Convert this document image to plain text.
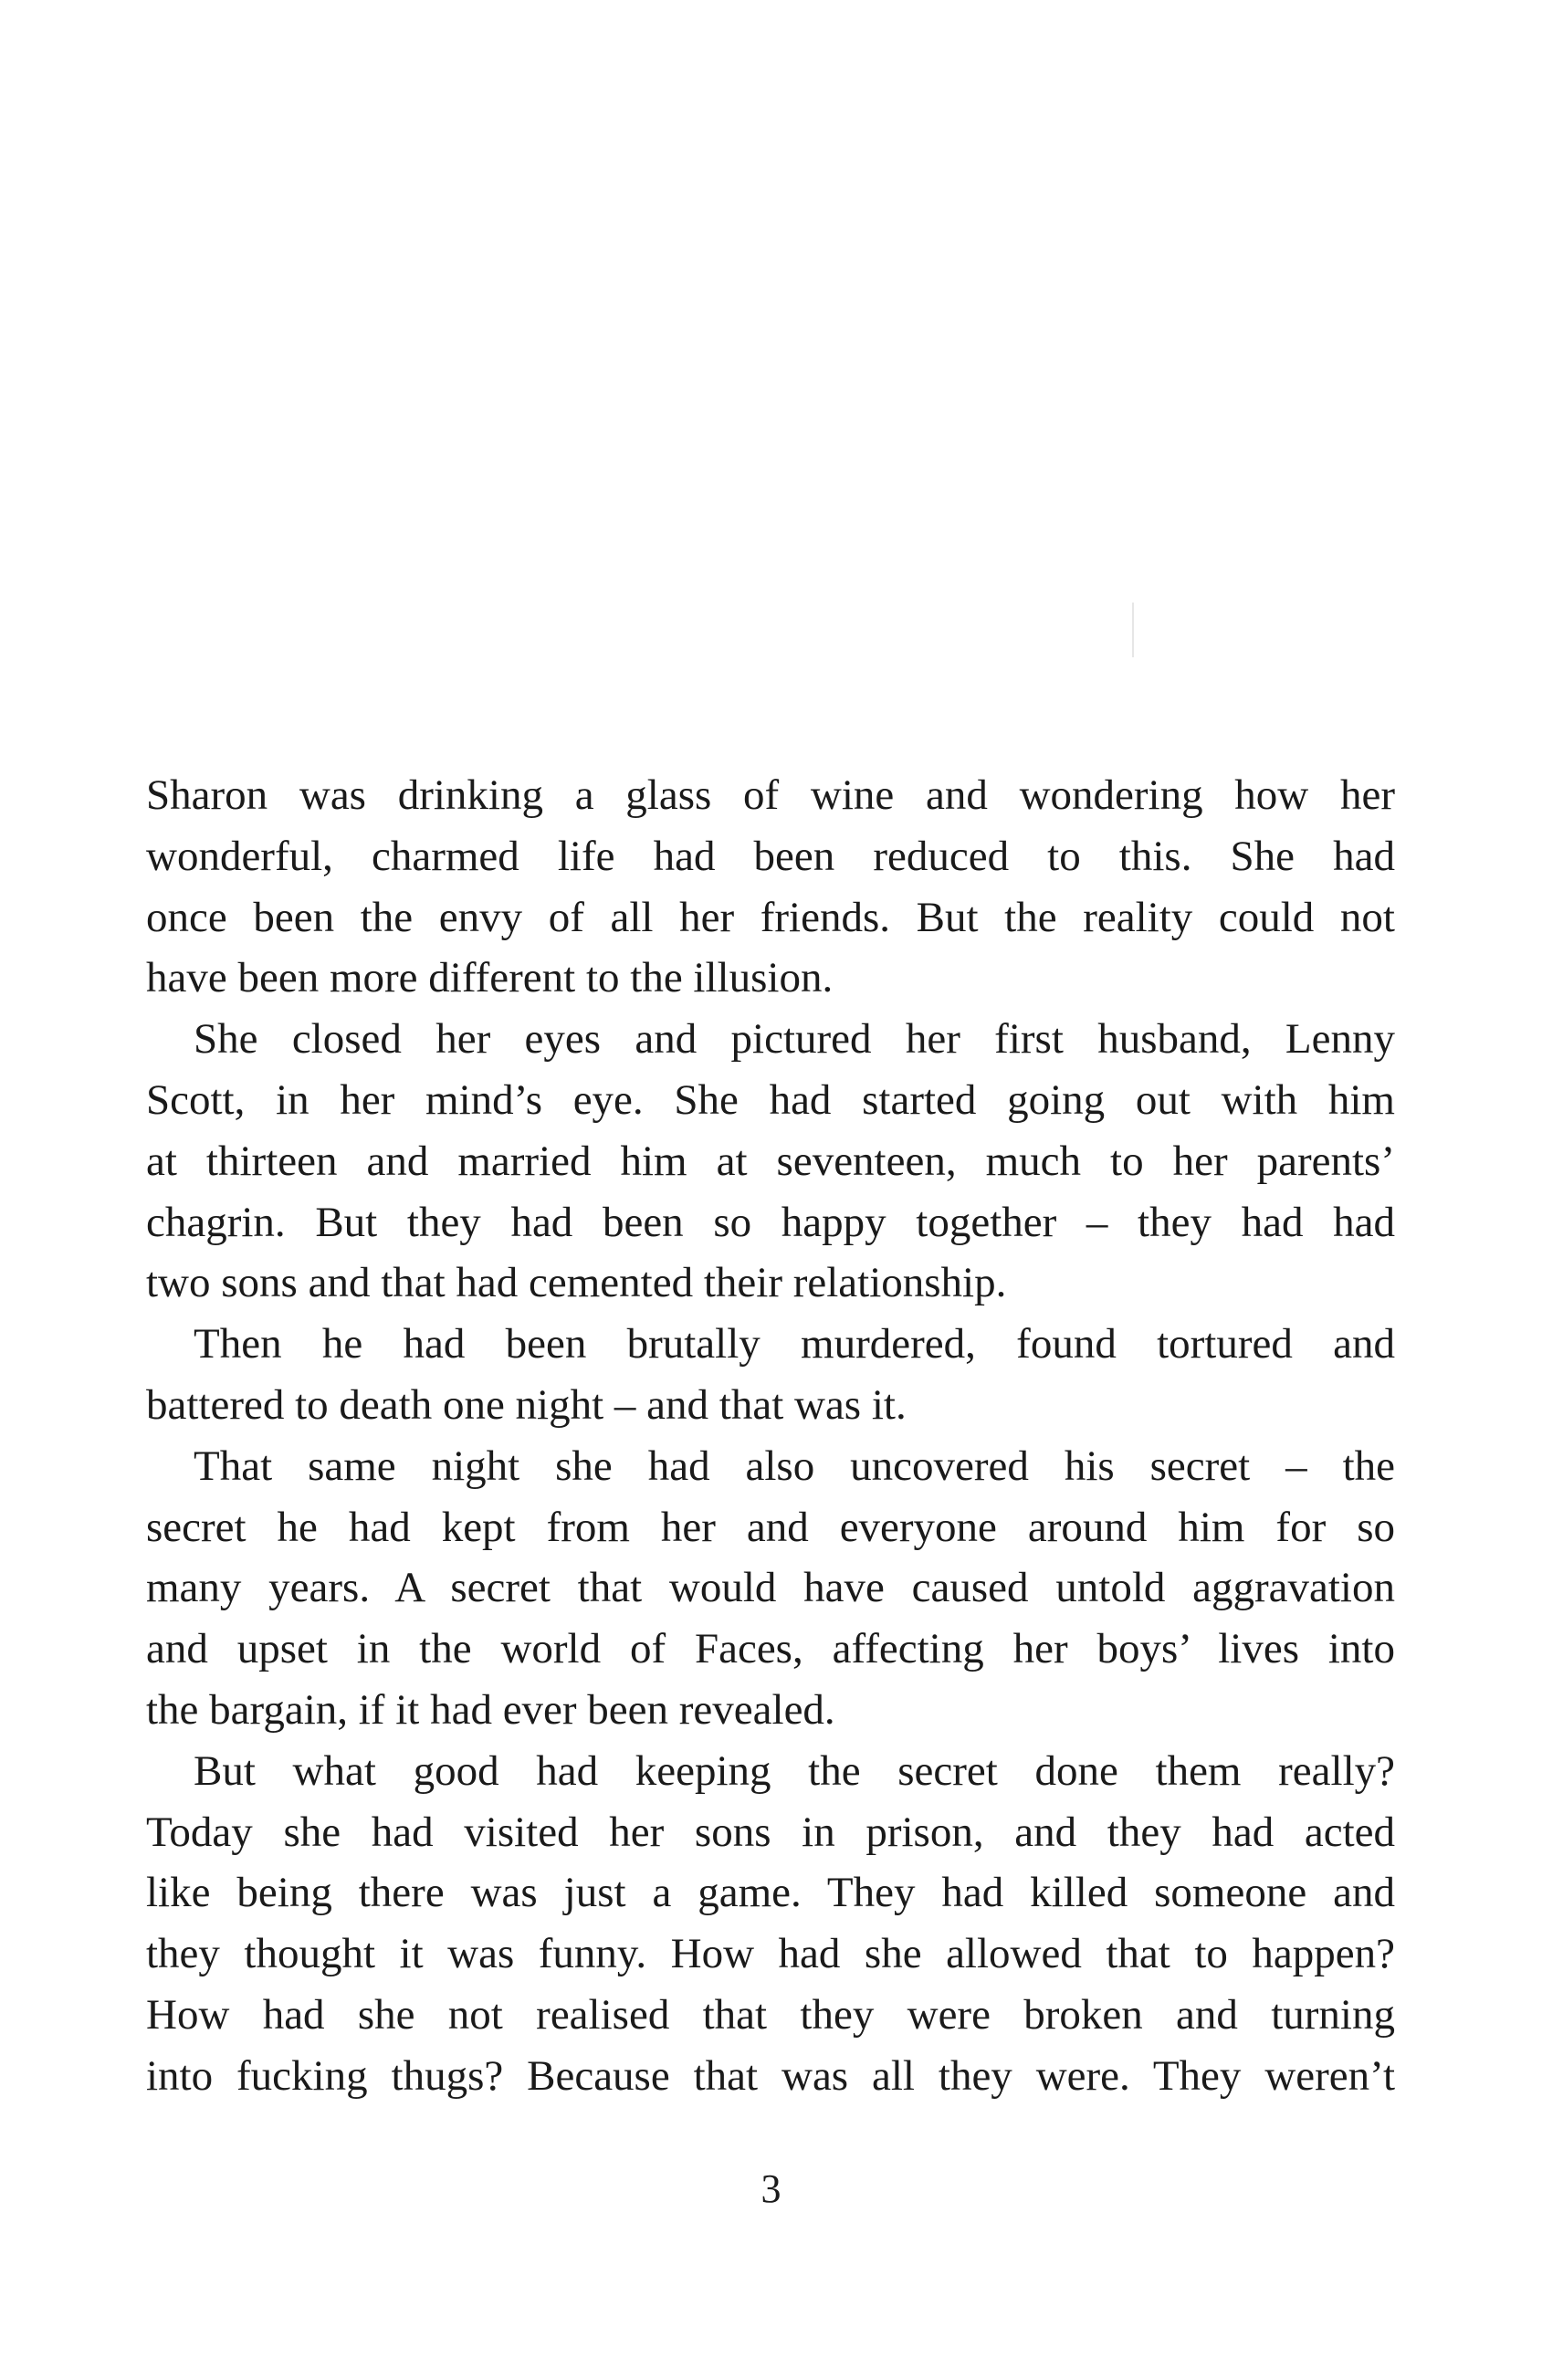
Sharon was drinking a glass of wine and wondering how her
wonderful, charmed life had been reduced to this. She had
once been the envy of all her friends. But the reality could not
have been more different to the illusion.
She closed her eyes and pictured her first husband, Lenny
Scott, in her mind’s eye. She had started going out with him
at thirteen and married him at seventeen, much to her parents’
chagrin. But they had been so happy together – they had had
two sons and that had cemented their relationship.
Then he had been brutally murdered, found tortured and
battered to death one night – and that was it.
That same night she had also uncovered his secret – the
secret he had kept from her and everyone around him for so
many years. A secret that would have caused untold aggravation
and upset in the world of Faces, affecting her boys’ lives into
the bargain, if it had ever been revealed.
But what good had keeping the secret done them really?
Today she had visited her sons in prison, and they had acted
like being there was just a game. They had killed someone and
they thought it was funny. How had she allowed that to happen?
How had she not realised that they were broken and turning
into fucking thugs? Because that was all they were. They weren’t
3
